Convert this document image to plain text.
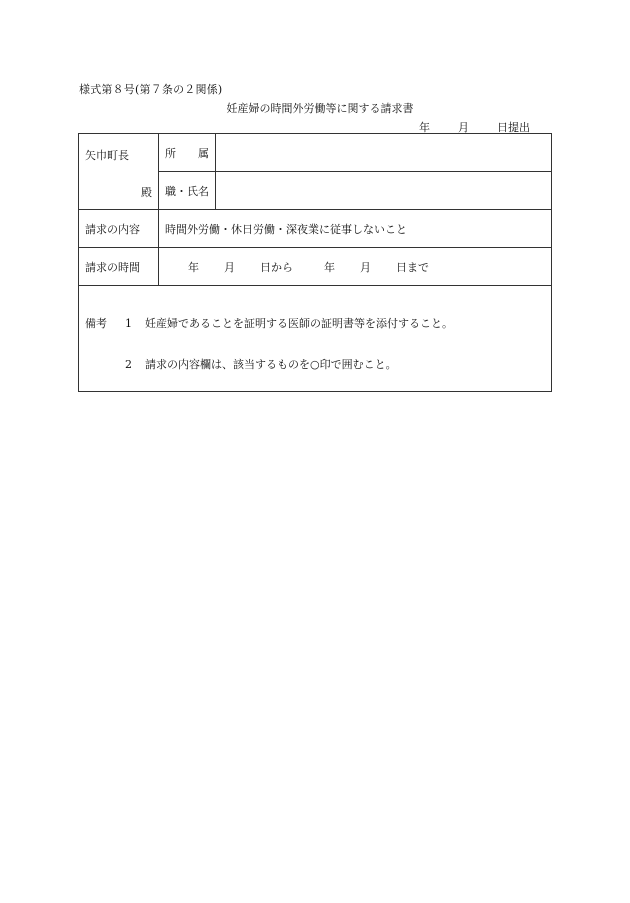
様式第８号(第７条の２関係)
妊産婦の時間外労働等に関する請求書
年	月	日提出
矢巾町長
殿	所 属	
	職・氏名	
請求の内容	時間外労働・休日労働・深夜業に従事しないこと	
請求の時間	年 月 日から 年 月 日まで	

備考 1 妊産婦であることを証明する医師の証明書等を添付すること。
2 請求の内容欄は、該当するものを○印で囲むこと。		
